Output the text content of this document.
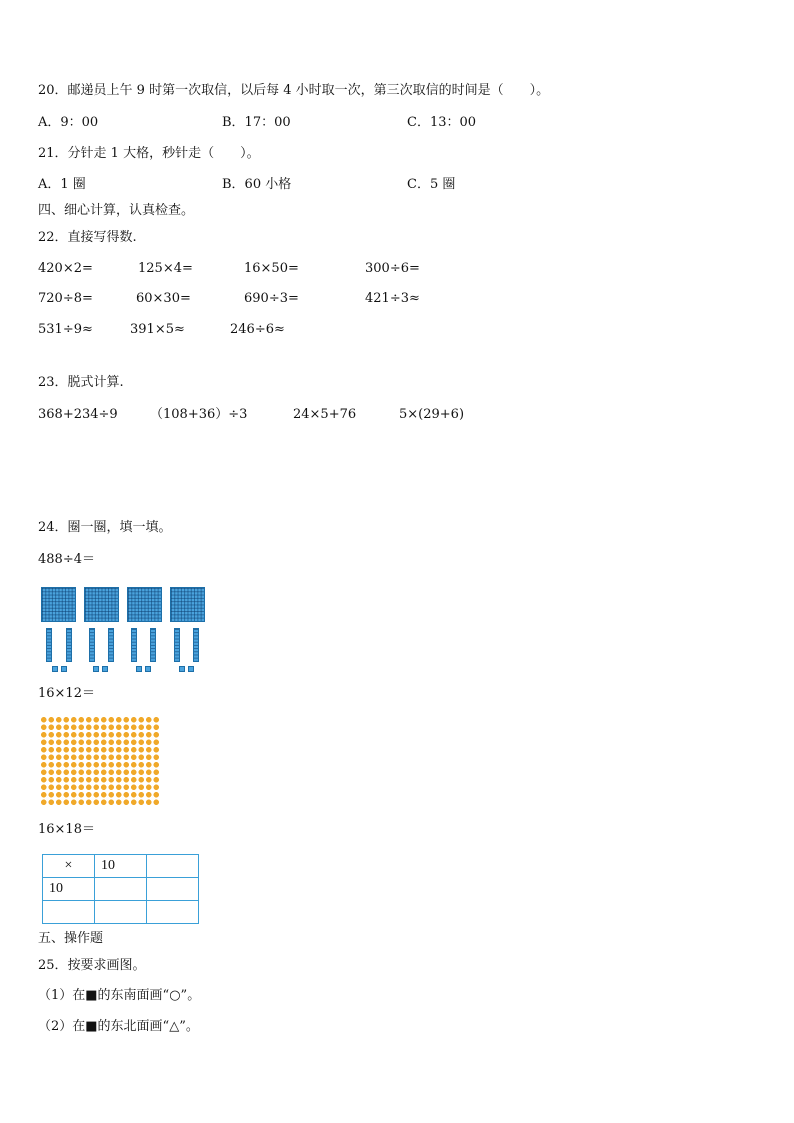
20．邮递员上午 9 时第一次取信，以后每 4 小时取一次，第三次取信的时间是（　　）。
A．9：00	B．17：00	C．13：00
21．分针走 1 大格，秒针走（　　）。
A．1 圈	B．60 小格	C．5 圈
四、细心计算，认真检查。
22．直接写得数.
420×2=	125×4=	16×50=	300÷6=
720÷8=	60×30=	690÷3=	421÷3≈
531÷9≈	391×5≈	246÷6≈
23．脱式计算.
368+234÷9 （108+36）÷3	24×5+76	5×(29+6)
24．圈一圈，填一填。
488÷4＝
16×12＝
16×18＝
×	10	
10		

五、操作题
25．按要求画图。
（1）在■的东南面画“○”。
（2）在■的东北面画“△”。
